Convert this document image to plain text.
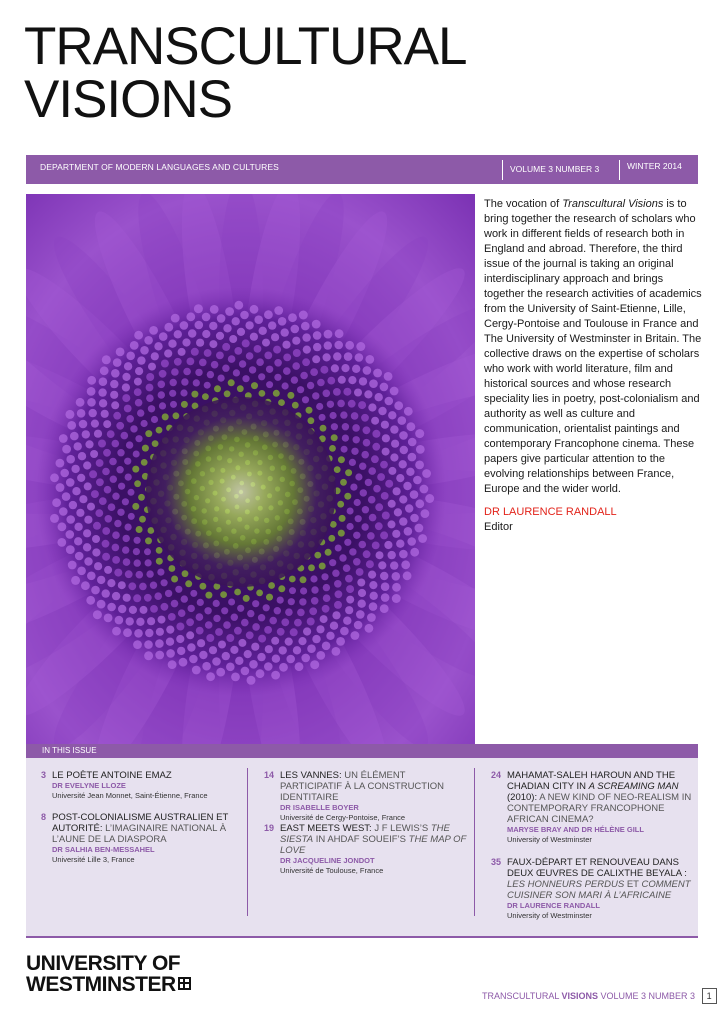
TRANSCULTURAL
VISIONS
DEPARTMENT OF MODERN LANGUAGES AND CULTURES	VOLUME 3 NUMBER 3	WINTER 2014

The vocation of Transcultural Visions is to bring together the research of scholars who work in different fields of research both in England and abroad. Therefore, the third issue of the journal is taking an original interdisciplinary approach and brings together the research activities of academics from the University of Saint-Etienne, Lille, Cergy-Pontoise and Toulouse in France and The University of Westminster in Britain. The collective draws on the expertise of scholars who work with world literature, film and historical sources and whose research speciality lies in poetry, post-colonialism and authority as well as culture and communication, orientalist paintings and contemporary Francophone cinema. These papers give particular attention to the evolving relationships between France, Europe and the wider world.

DR LAURENCE RANDALL
Editor
IN THIS ISSUE
3 LE POÈTE ANTOINE EMAZ
DR EVELYNE LLOZE
Université Jean Monnet, Saint-Étienne, France
8 POST-COLONIALISME AUSTRALIEN ET AUTORITÉ: L’IMAGINAIRE NATIONAL À L’AUNE DE LA DIASPORA
DR SALHIA BEN-MESSAHEL
Université Lille 3, France
14 LES VANNES: UN ÉLÉMENT PARTICIPATIF À LA CONSTRUCTION IDENTITAIRE
DR ISABELLE BOYER
Université de Cergy-Pontoise, France
19 EAST MEETS WEST: J F LEWIS’S THE SIESTA IN AHDAF SOUEIF’S THE MAP OF LOVE
DR JACQUELINE JONDOT
Université de Toulouse, France
24 MAHAMAT-SALEH HAROUN AND THE CHADIAN CITY IN A SCREAMING MAN (2010): A NEW KIND OF NEO-REALISM IN CONTEMPORARY FRANCOPHONE AFRICAN CINEMA?
MARYSE BRAY AND DR HÉLÈNE GILL
University of Westminster
35 FAUX-DÉPART ET RENOUVEAU DANS DEUX ŒUVRES DE CALIXTHE BEYALA : LES HONNEURS PERDUS ET COMMENT CUISINER SON MARI À L’AFRICAINE
DR LAURENCE RANDALL
University of Westminster
UNIVERSITY OF
WESTMINSTER	TRANSCULTURAL VISIONS VOLUME 3 NUMBER 3 1
